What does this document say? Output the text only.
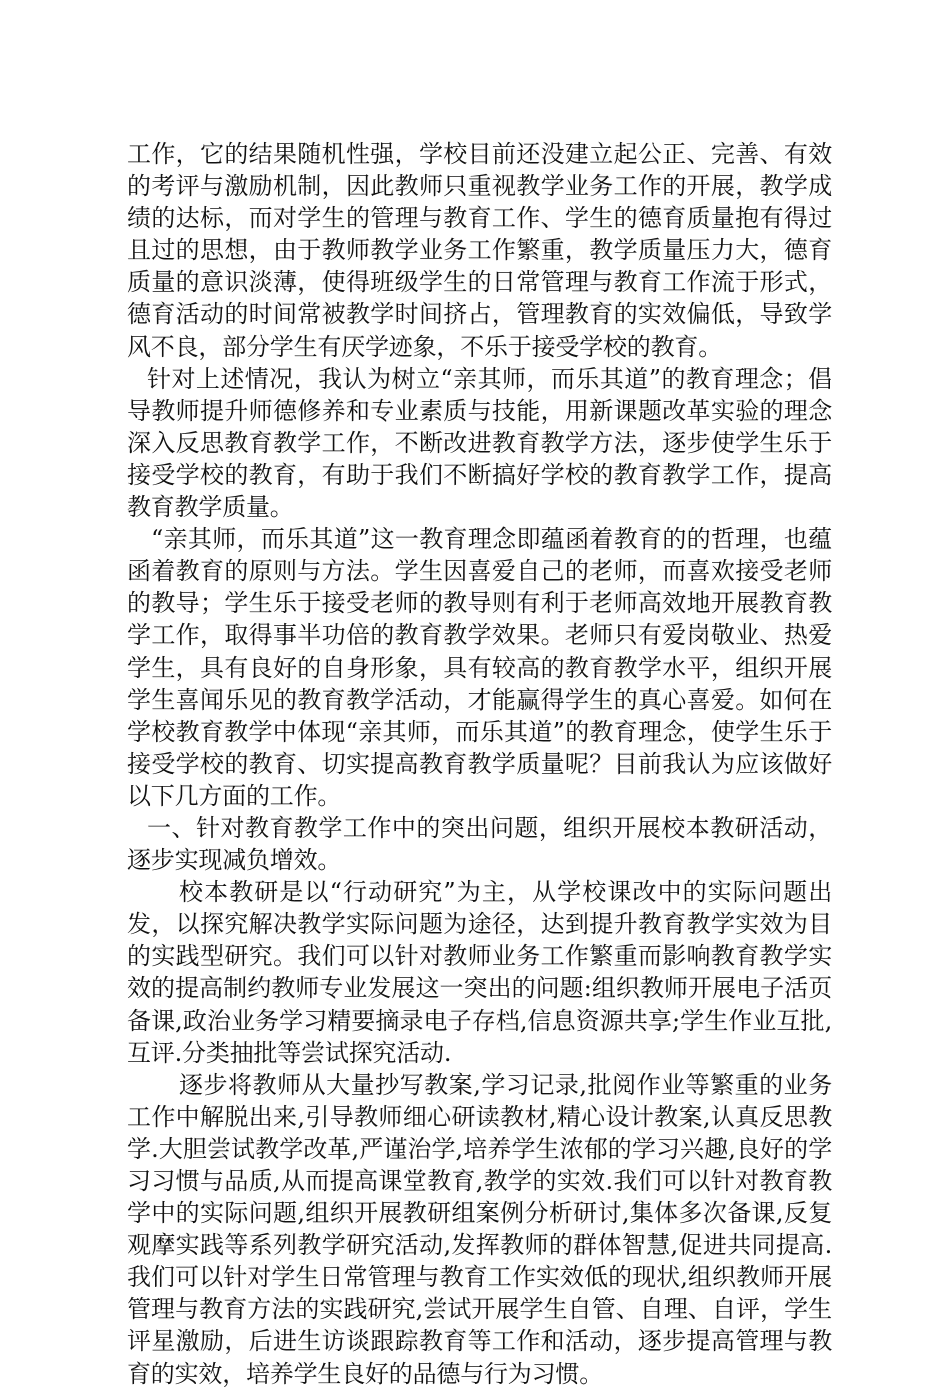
工作，它的结果随机性强，学校目前还没建立起公正、完善、有效的考评与激励机制，因此教师只重视教学业务工作的开展，教学成绩的达标，而对学生的管理与教育工作、学生的德育质量抱有得过且过的思想，由于教师教学业务工作繁重，教学质量压力大，德育质量的意识淡薄，使得班级学生的日常管理与教育工作流于形式，德育活动的时间常被教学时间挤占，管理教育的实效偏低，导致学风不良，部分学生有厌学迹象，不乐于接受学校的教育。

针对上述情况，我认为树立“亲其师，而乐其道”的教育理念；倡导教师提升师德修养和专业素质与技能，用新课题改革实验的理念深入反思教育教学工作，不断改进教育教学方法，逐步使学生乐于接受学校的教育，有助于我们不断搞好学校的教育教学工作，提高教育教学质量。

“亲其师，而乐其道”这一教育理念即蕴函着教育的的哲理，也蕴函着教育的原则与方法。学生因喜爱自己的老师，而喜欢接受老师的教导；学生乐于接受老师的教导则有利于老师高效地开展教育教学工作，取得事半功倍的教育教学效果。老师只有爱岗敬业、热爱学生，具有良好的自身形象，具有较高的教育教学水平，组织开展学生喜闻乐见的教育教学活动，才能赢得学生的真心喜爱。如何在学校教育教学中体现“亲其师，而乐其道”的教育理念，使学生乐于接受学校的教育、切实提高教育教学质量呢？目前我认为应该做好以下几方面的工作。

一、针对教育教学工作中的突出问题，组织开展校本教研活动，逐步实现减负增效。

校本教研是以“行动研究”为主，从学校课改中的实际问题出发，以探究解决教学实际问题为途径，达到提升教育教学实效为目的实践型研究。我们可以针对教师业务工作繁重而影响教育教学实效的提高制约教师专业发展这一突出的问题:组织教师开展电子活页备课,政治业务学习精要摘录电子存档,信息资源共享;学生作业互批,互评.分类抽批等尝试探究活动.

逐步将教师从大量抄写教案,学习记录,批阅作业等繁重的业务工作中解脱出来,引导教师细心研读教材,精心设计教案,认真反思教学.大胆尝试教学改革,严谨治学,培养学生浓郁的学习兴趣,良好的学习习惯与品质,从而提高课堂教育,教学的实效.我们可以针对教育教学中的实际问题,组织开展教研组案例分析研讨,集体多次备课,反复观摩实践等系列教学研究活动,发挥教师的群体智慧,促进共同提高.我们可以针对学生日常管理与教育工作实效低的现状,组织教师开展管理与教育方法的实践研究,尝试开展学生自管、自理、自评，学生评星激励，后进生访谈跟踪教育等工作和活动，逐步提高管理与教育的实效，培养学生良好的品德与行为习惯。
